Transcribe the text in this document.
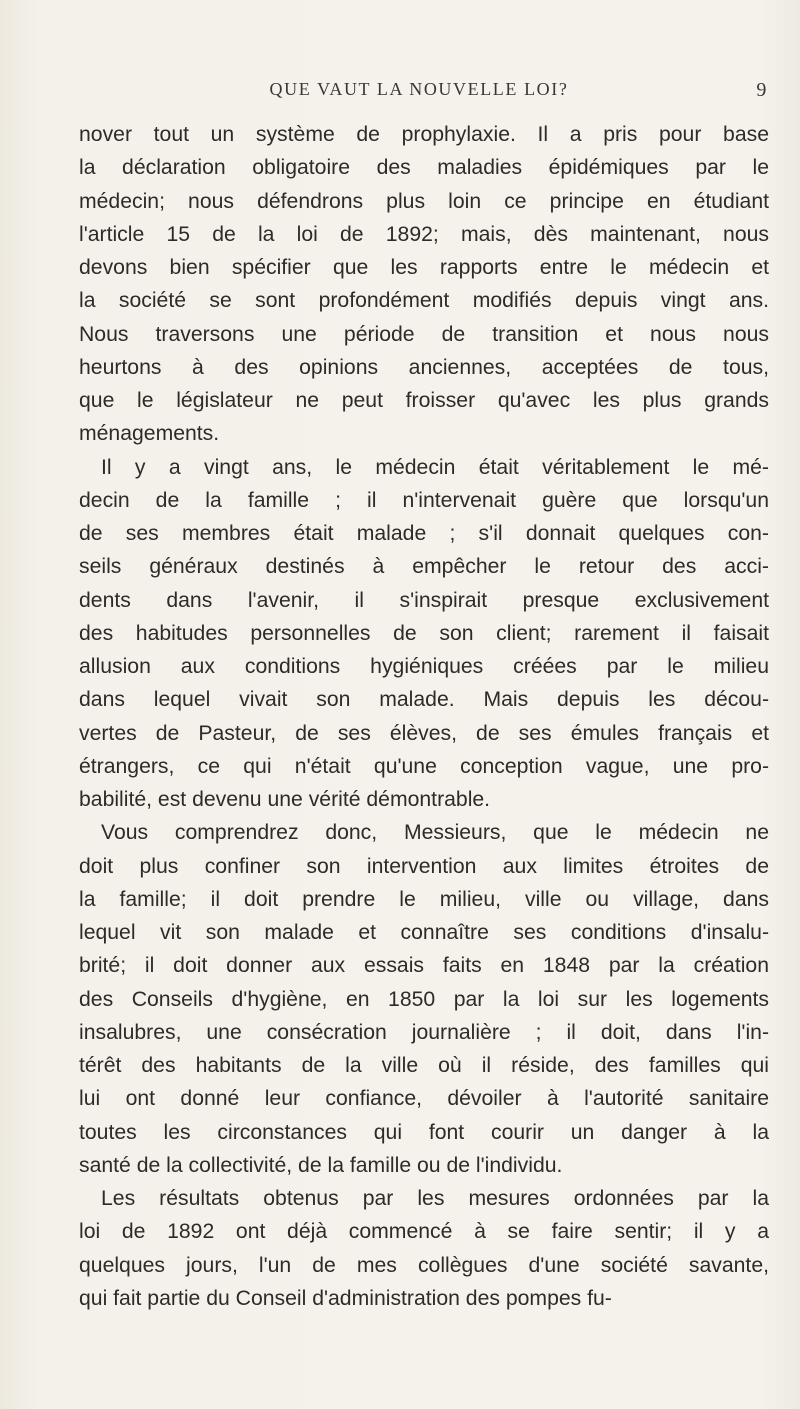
QUE VAUT LA NOUVELLE LOI?	9
nover tout un système de prophylaxie. Il a pris pour base
la déclaration obligatoire des maladies épidémiques par le
médecin; nous défendrons plus loin ce principe en étudiant
l'article 15 de la loi de 1892; mais, dès maintenant, nous
devons bien spécifier que les rapports entre le médecin et
la société se sont profondément modifiés depuis vingt ans.
Nous traversons une période de transition et nous nous
heurtons à des opinions anciennes, acceptées de tous,
que le législateur ne peut froisser qu'avec les plus grands
ménagements.
Il y a vingt ans, le médecin était véritablement le mé-
decin de la famille ; il n'intervenait guère que lorsqu'un
de ses membres était malade ; s'il donnait quelques con-
seils généraux destinés à empêcher le retour des acci-
dents dans l'avenir, il s'inspirait presque exclusivement
des habitudes personnelles de son client; rarement il faisait
allusion aux conditions hygiéniques créées par le milieu
dans lequel vivait son malade. Mais depuis les décou-
vertes de Pasteur, de ses élèves, de ses émules français et
étrangers, ce qui n'était qu'une conception vague, une pro-
babilité, est devenu une vérité démontrable.
Vous comprendrez donc, Messieurs, que le médecin ne
doit plus confiner son intervention aux limites étroites de
la famille; il doit prendre le milieu, ville ou village, dans
lequel vit son malade et connaître ses conditions d'insalu-
brité; il doit donner aux essais faits en 1848 par la création
des Conseils d'hygiène, en 1850 par la loi sur les logements
insalubres, une consécration journalière ; il doit, dans l'in-
térêt des habitants de la ville où il réside, des familles qui
lui ont donné leur confiance, dévoiler à l'autorité sanitaire
toutes les circonstances qui font courir un danger à la
santé de la collectivité, de la famille ou de l'individu.
Les résultats obtenus par les mesures ordonnées par la
loi de 1892 ont déjà commencé à se faire sentir; il y a
quelques jours, l'un de mes collègues d'une société savante,
qui fait partie du Conseil d'administration des pompes fu-
